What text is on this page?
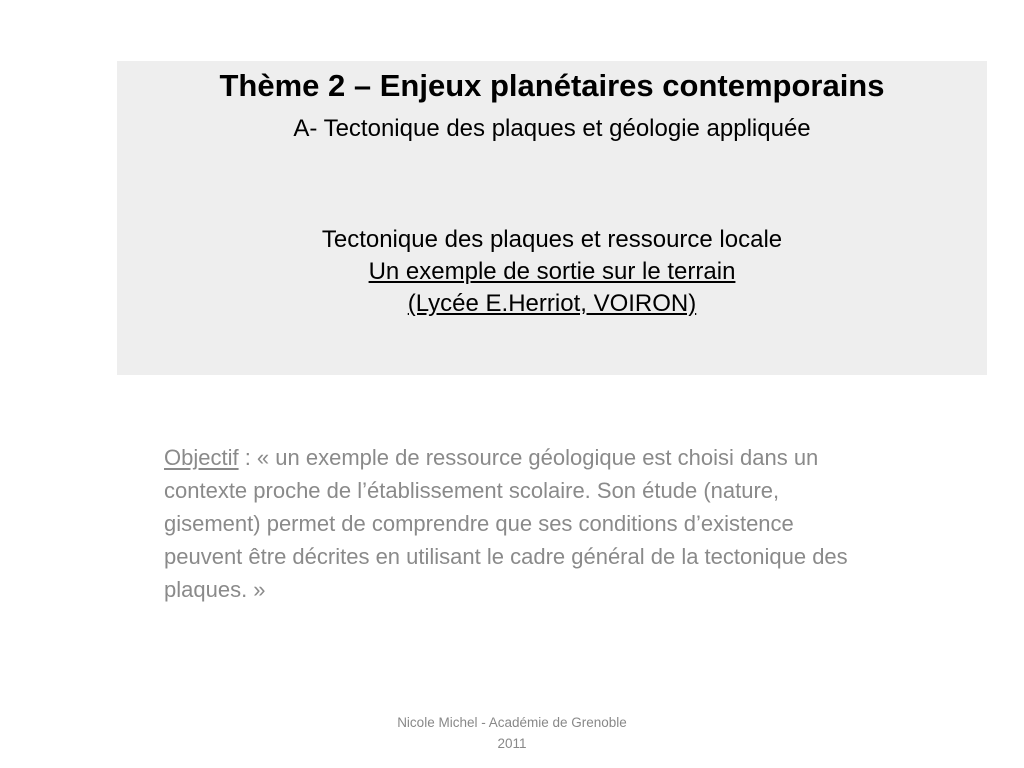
Thème 2 – Enjeux planétaires contemporains
A- Tectonique des plaques et géologie appliquée
Tectonique des plaques et ressource locale
Un exemple de sortie sur le terrain
(Lycée E.Herriot, VOIRON)
Objectif : « un exemple de ressource géologique est choisi dans un contexte proche de l’établissement scolaire. Son étude (nature, gisement) permet de comprendre que ses conditions d’existence peuvent être décrites en utilisant le cadre général de la tectonique des plaques. »
Nicole Michel - Académie de Grenoble
2011
